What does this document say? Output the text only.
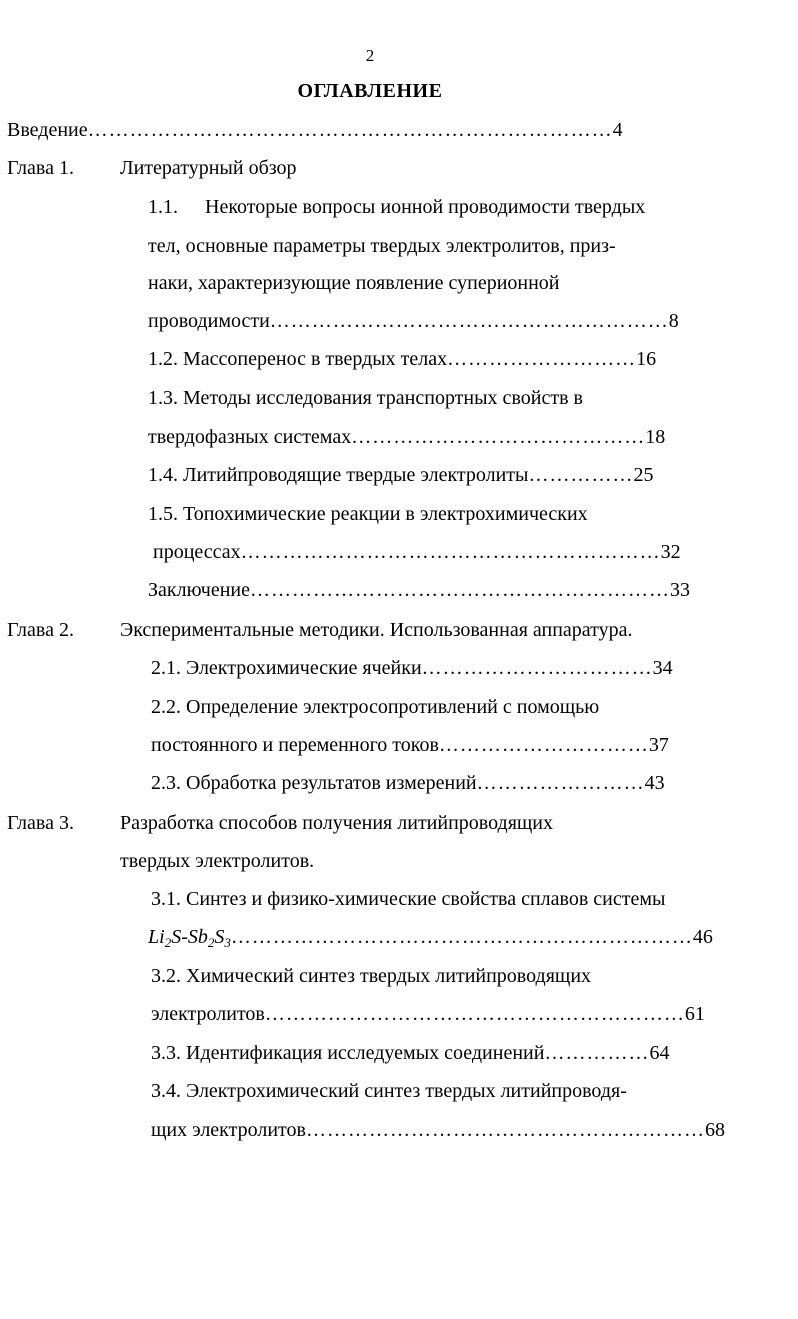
2
ОГЛАВЛЕНИЕ
Введение…………………………………………………………………4
Глава 1. Литературный обзор
1.1. Некоторые вопросы ионной проводимости твердых
тел, основные параметры твердых электролитов, приз-
наки, характеризующие появление суперионной
проводимости…………………………………………………8
1.2. Массоперенос в твердых телах………………………16
1.3. Методы исследования транспортных свойств в
твердофазных системах……………………………………18
1.4. Литийпроводящие твердые электролиты……………25
1.5. Топохимические реакции в электрохимических
процессах……………………………………………………32
Заключение……………………………………………………33
Глава 2. Экспериментальные методики. Использованная аппаратура.
2.1. Электрохимические ячейки……………………………34
2.2. Определение электросопротивлений с помощью
постоянного и переменного токов…………………………37
2.3. Обработка результатов измерений……………………43
Глава 3. Разработка способов получения литийпроводящих
твердых электролитов.
3.1. Синтез и физико-химические свойства сплавов системы
$Li_2S-Sb_2S_3\dots\dots\dots\dots\dots\dots\dots\dots\dots\dots\dots\dots\dots\dots\dots\dots\dots\dots\dots\dots\dots\dots 46$
3.2. Химический синтез твердых литийпроводящих
электролитов……………………………………………………61
3.3. Идентификация исследуемых соединений……………64
3.4. Электрохимический синтез твердых литийпроводя-
щих электролитов…………………………………………………68
